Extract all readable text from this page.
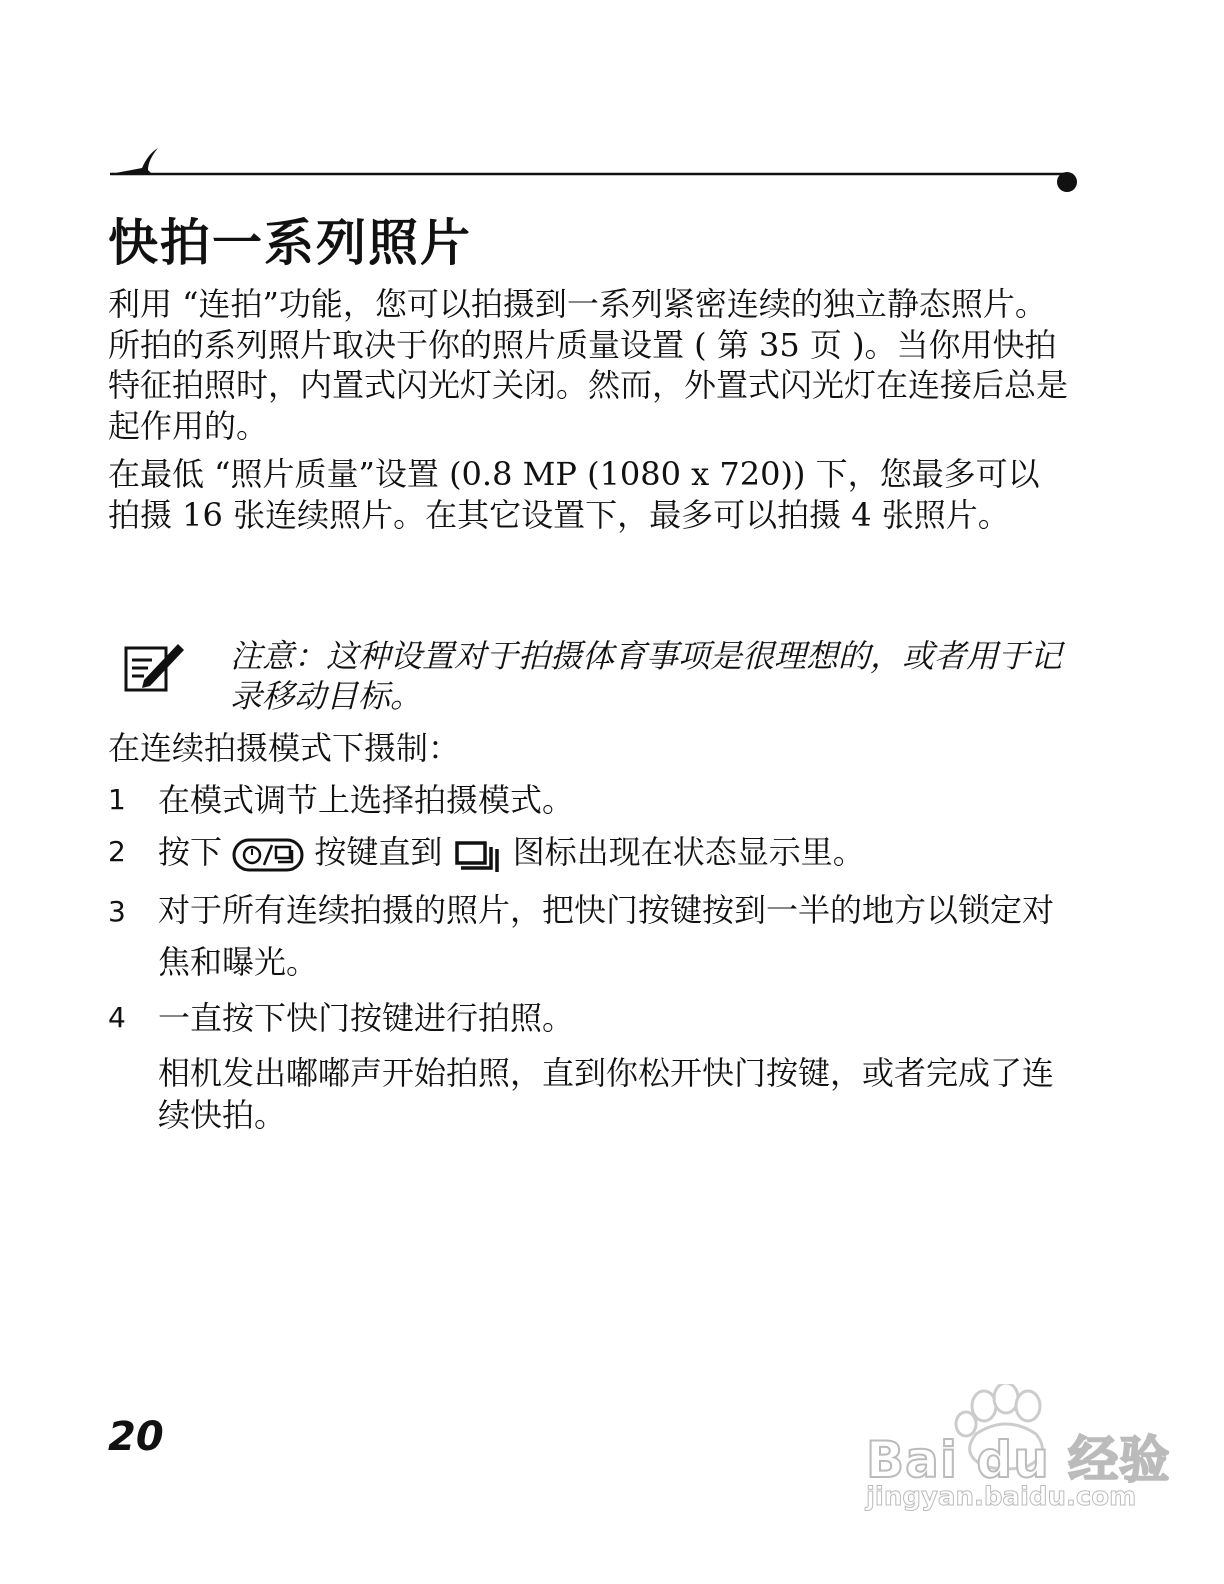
快拍一系列照片
利用 “连拍”功能，您可以拍摄到一系列紧密连续的独立静态照片。所拍的系列照片取决于你的照片质量设置 ( 第 35 页 )。当你用快拍特征拍照时，内置式闪光灯关闭。然而，外置式闪光灯在连接后总是起作用的。
在最低 “照片质量”设置 (0.8 MP (1080 x 720)) 下，您最多可以拍摄 16 张连续照片。在其它设置下，最多可以拍摄 4 张照片。
注意：这种设置对于拍摄体育事项是很理想的，或者用于记录移动目标。
在连续拍摄模式下摄制：
1 在模式调节上选择拍摄模式。
2 按下	按键直到 图标出现在状态显示里。
3 对于所有连续拍摄的照片，把快门按键按到一半的地方以锁定对焦和曝光。
4 一直按下快门按键进行拍照。
相机发出嘟嘟声开始拍照，直到你松开快门按键，或者完成了连续快拍。
20	Bai du 经验
jingyan.baidu.com
